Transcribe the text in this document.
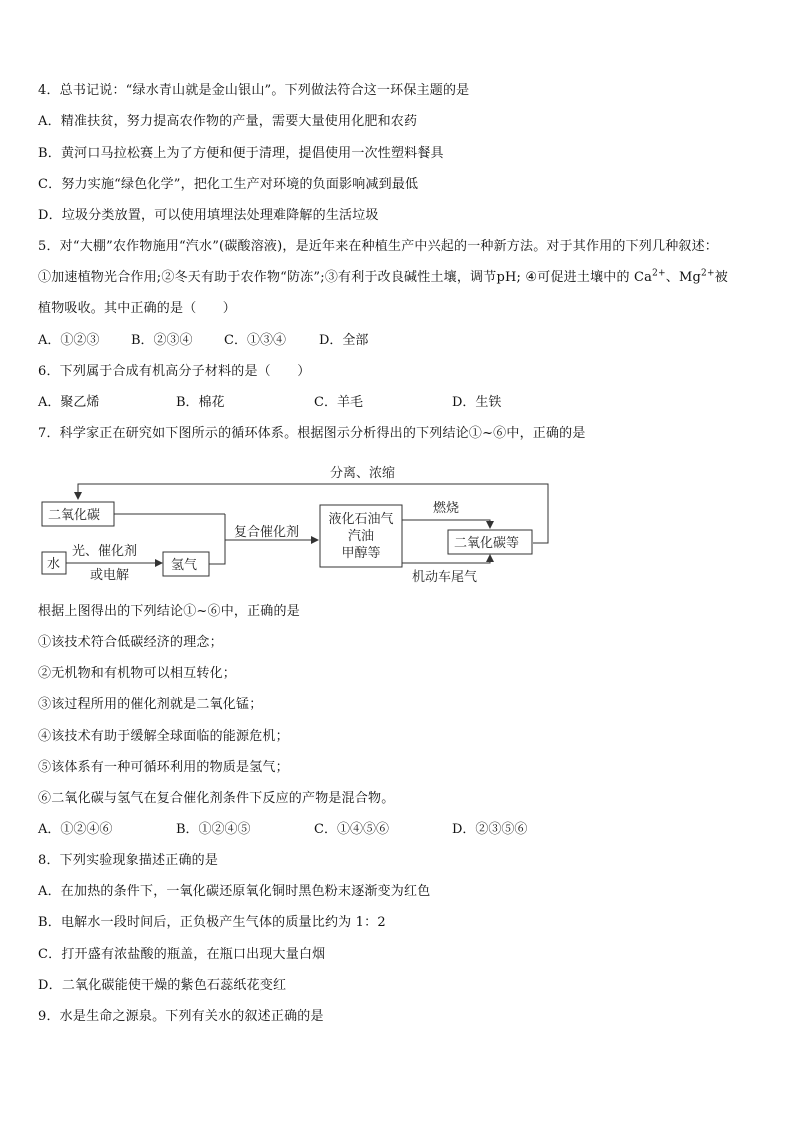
4．总书记说：“绿水青山就是金山银山”。下列做法符合这一环保主题的是
A．精准扶贫，努力提高农作物的产量，需要大量使用化肥和农药
B．黄河口马拉松赛上为了方便和便于清理，提倡使用一次性塑料餐具
C．努力实施“绿色化学”，把化工生产对环境的负面影响减到最低
D．垃圾分类放置，可以使用填埋法处理难降解的生活垃圾
5．对“大棚”农作物施用“汽水”(碳酸溶液)，是近年来在种植生产中兴起的一种新方法。对于其作用的下列几种叙述：
①加速植物光合作用;②冬天有助于农作物“防冻”;③有利于改良碱性土壤，调节pH; ④可促进土壤中的 $Ca^{2+}$、$Mg^{2+}$被
植物吸收。其中正确的是（　　）
A．①②③ B．②③④ C．①③④	D．全部
6．下列属于合成有机高分子材料的是（　　）
A．聚乙烯	B．棉花	C．羊毛	D．生铁
7．科学家正在研究如下图所示的循环体系。根据图示分析得出的下列结论①~⑥中，正确的是
分离、浓缩
二氧化碳
水
光、催化剂
或电解
氢气
复合催化剂
液化石油气
汽油
甲醇等
燃烧
机动车尾气
二氧化碳等
根据上图得出的下列结论①~⑥中，正确的是
①该技术符合低碳经济的理念；
②无机物和有机物可以相互转化；
③该过程所用的催化剂就是二氧化锰；
④该技术有助于缓解全球面临的能源危机；
⑤该体系有一种可循环利用的物质是氢气；
⑥二氧化碳与氢气在复合催化剂条件下反应的产物是混合物。
A．①②④⑥	B．①②④⑤	C．①④⑤⑥	D．②③⑤⑥
8．下列实验现象描述正确的是
A．在加热的条件下，一氧化碳还原氧化铜时黑色粉末逐渐变为红色
B．电解水一段时间后，正负极产生气体的质量比约为 1：2
C．打开盛有浓盐酸的瓶盖，在瓶口出现大量白烟
D．二氧化碳能使干燥的紫色石蕊纸花变红
9．水是生命之源泉。下列有关水的叙述正确的是
